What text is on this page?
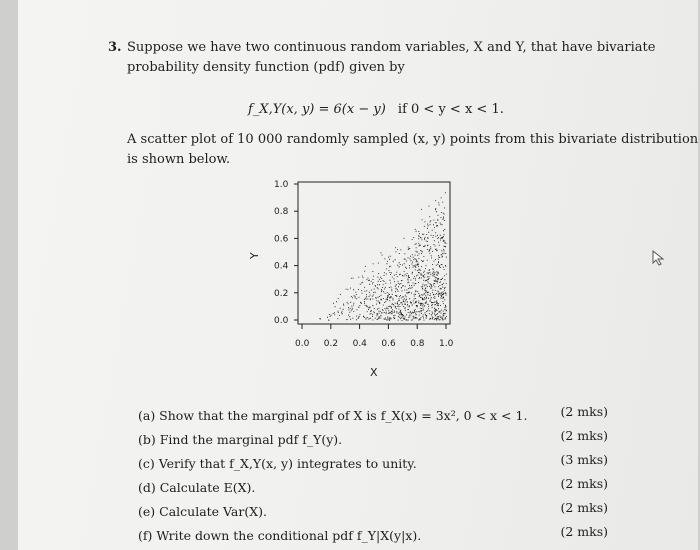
3. Suppose we have two continuous random variables, X and Y, that have bivariate
probability density function (pdf) given by
f_X,Y(x, y) = 6(x − y) if 0 < y < x < 1.
A scatter plot of 10 000 randomly sampled (x, y) points from this bivariate distribution
is shown below.
1.0
0.8
0.6
0.4
0.2
0.0
0.0 0.2 0.4 0.6 0.8 1.0
Y
X
(a) Show that the marginal pdf of X is f_X(x) = 3x², 0 < x < 1.	(2 mks)
(b) Find the marginal pdf f_Y(y).	(2 mks)
(c) Verify that f_X,Y(x, y) integrates to unity.	(3 mks)
(d) Calculate E(X).	(2 mks)
(e) Calculate Var(X).	(2 mks)
(f) Write down the conditional pdf f_Y|X(y|x).	(2 mks)
